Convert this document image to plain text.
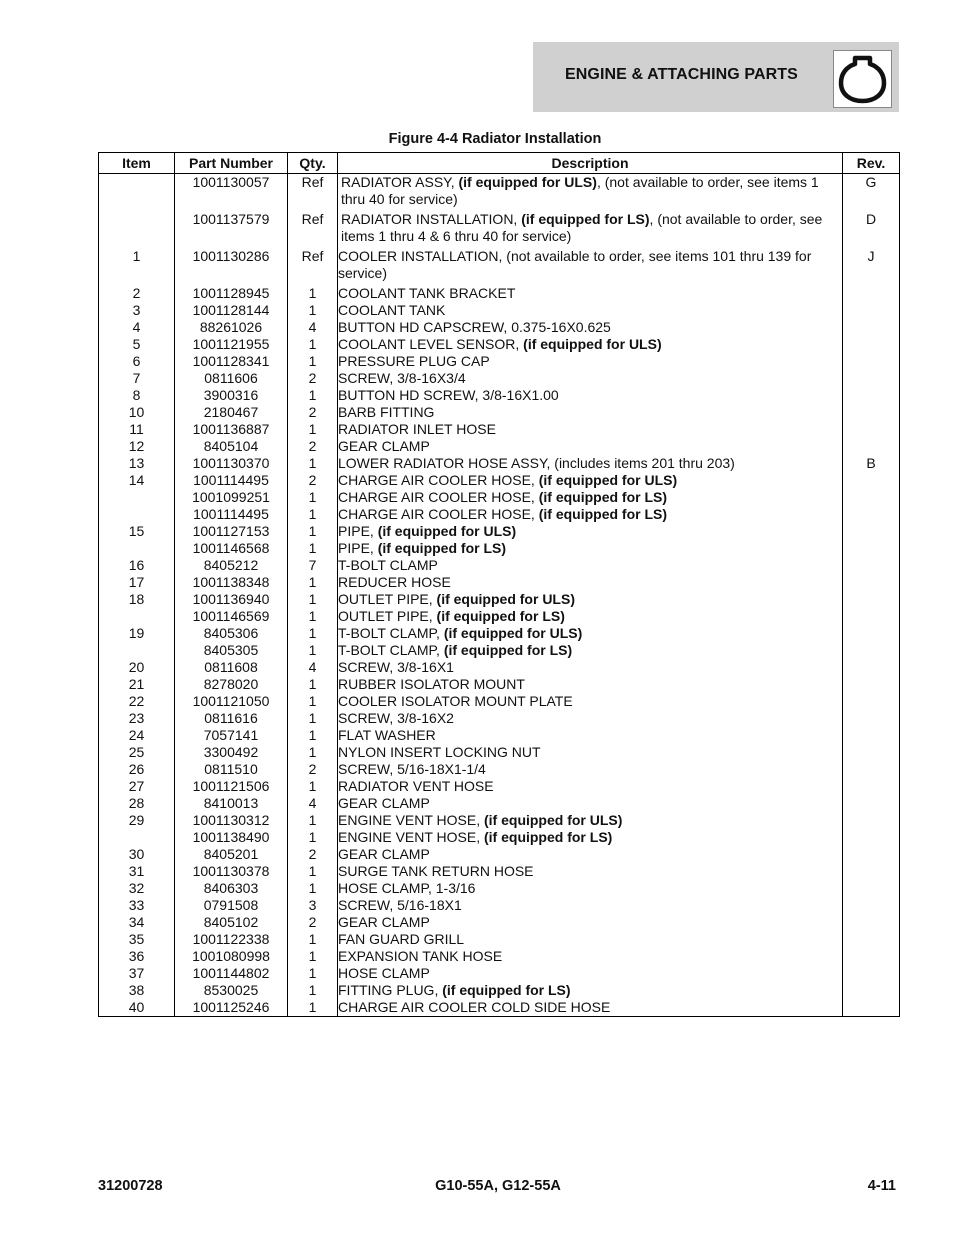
ENGINE & ATTACHING PARTS
Figure 4-4 Radiator Installation
Item	Part Number	Qty.	Description	Rev.
	1001130057	Ref	RADIATOR ASSY, (if equipped for ULS), (not available to order, see items 1 thru 40 for service)	G
	1001137579	Ref	RADIATOR INSTALLATION, (if equipped for LS), (not available to order, see items 1 thru 4 & 6 thru 40 for service)	D
1	1001130286	Ref	COOLER INSTALLATION, (not available to order, see items 101 thru 139 for service)	J
2	1001128945	1	COOLANT TANK BRACKET	
3	1001128144	1	COOLANT TANK	
4	88261026	4	BUTTON HD CAPSCREW, 0.375-16X0.625	
5	1001121955	1	COOLANT LEVEL SENSOR, (if equipped for ULS)	
6	1001128341	1	PRESSURE PLUG CAP	
7	0811606	2	SCREW, 3/8-16X3/4	
8	3900316	1	BUTTON HD SCREW, 3/8-16X1.00	
10	2180467	2	BARB FITTING	
11	1001136887	1	RADIATOR INLET HOSE	
12	8405104	2	GEAR CLAMP	
13	1001130370	1	LOWER RADIATOR HOSE ASSY, (includes items 201 thru 203)	B
14	1001114495	2	CHARGE AIR COOLER HOSE, (if equipped for ULS)	
	1001099251	1	CHARGE AIR COOLER HOSE, (if equipped for LS)	
	1001114495	1	CHARGE AIR COOLER HOSE, (if equipped for LS)	
15	1001127153	1	PIPE, (if equipped for ULS)	
	1001146568	1	PIPE, (if equipped for LS)	
16	8405212	7	T-BOLT CLAMP	
17	1001138348	1	REDUCER HOSE	
18	1001136940	1	OUTLET PIPE, (if equipped for ULS)	
	1001146569	1	OUTLET PIPE, (if equipped for LS)	
19	8405306	1	T-BOLT CLAMP, (if equipped for ULS)	
	8405305	1	T-BOLT CLAMP, (if equipped for LS)	
20	0811608	4	SCREW, 3/8-16X1	
21	8278020	1	RUBBER ISOLATOR MOUNT	
22	1001121050	1	COOLER ISOLATOR MOUNT PLATE	
23	0811616	1	SCREW, 3/8-16X2	
24	7057141	1	FLAT WASHER	
25	3300492	1	NYLON INSERT LOCKING NUT	
26	0811510	2	SCREW, 5/16-18X1-1/4	
27	1001121506	1	RADIATOR VENT HOSE	
28	8410013	4	GEAR CLAMP	
29	1001130312	1	ENGINE VENT HOSE, (if equipped for ULS)	
	1001138490	1	ENGINE VENT HOSE, (if equipped for LS)	
30	8405201	2	GEAR CLAMP	
31	1001130378	1	SURGE TANK RETURN HOSE	
32	8406303	1	HOSE CLAMP, 1-3/16	
33	0791508	3	SCREW, 5/16-18X1	
34	8405102	2	GEAR CLAMP	
35	1001122338	1	FAN GUARD GRILL	
36	1001080998	1	EXPANSION TANK HOSE	
37	1001144802	1	HOSE CLAMP	
38	8530025	1	FITTING PLUG, (if equipped for LS)	
40	1001125246	1	CHARGE AIR COOLER COLD SIDE HOSE	
31200728	G10-55A, G12-55A	4-11
